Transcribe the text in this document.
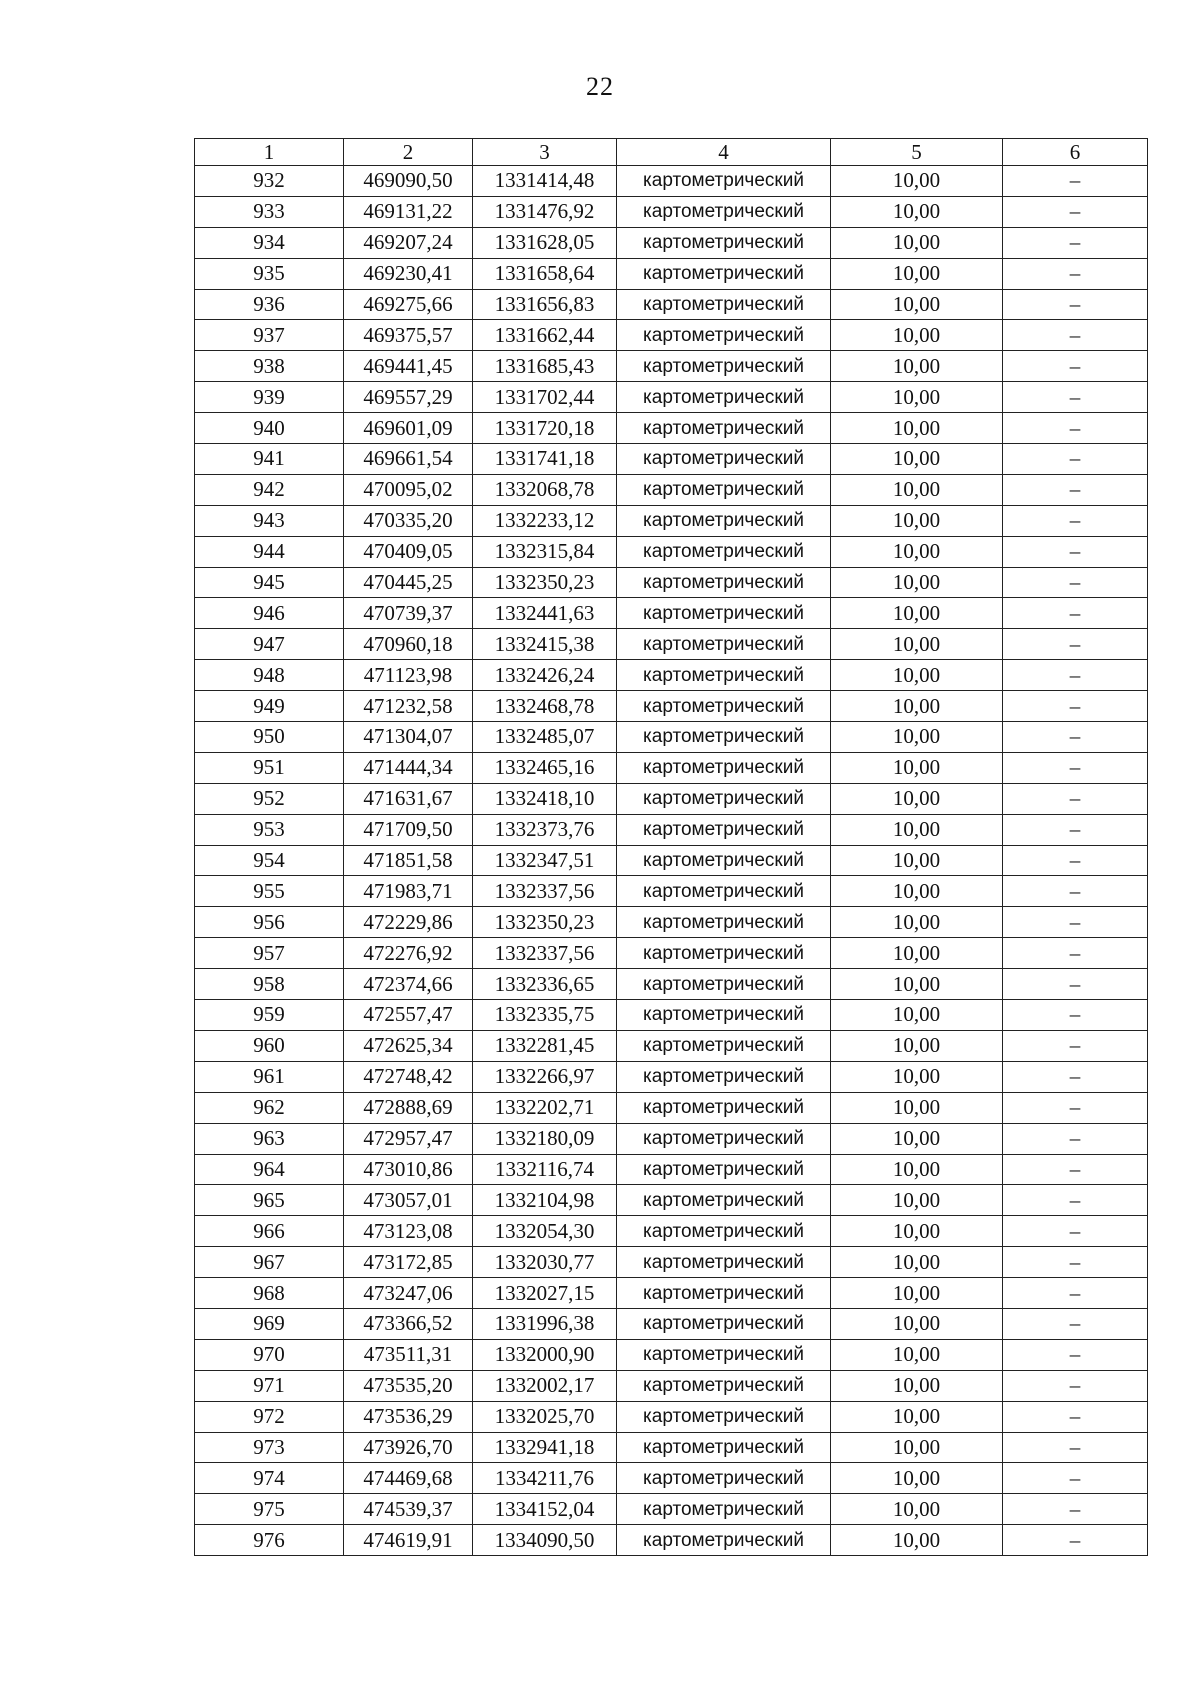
22
1	2	3	4	5	6
932	469090,50	1331414,48	картометрический	10,00	–
933	469131,22	1331476,92	картометрический	10,00	–
934	469207,24	1331628,05	картометрический	10,00	–
935	469230,41	1331658,64	картометрический	10,00	–
936	469275,66	1331656,83	картометрический	10,00	–
937	469375,57	1331662,44	картометрический	10,00	–
938	469441,45	1331685,43	картометрический	10,00	–
939	469557,29	1331702,44	картометрический	10,00	–
940	469601,09	1331720,18	картометрический	10,00	–
941	469661,54	1331741,18	картометрический	10,00	–
942	470095,02	1332068,78	картометрический	10,00	–
943	470335,20	1332233,12	картометрический	10,00	–
944	470409,05	1332315,84	картометрический	10,00	–
945	470445,25	1332350,23	картометрический	10,00	–
946	470739,37	1332441,63	картометрический	10,00	–
947	470960,18	1332415,38	картометрический	10,00	–
948	471123,98	1332426,24	картометрический	10,00	–
949	471232,58	1332468,78	картометрический	10,00	–
950	471304,07	1332485,07	картометрический	10,00	–
951	471444,34	1332465,16	картометрический	10,00	–
952	471631,67	1332418,10	картометрический	10,00	–
953	471709,50	1332373,76	картометрический	10,00	–
954	471851,58	1332347,51	картометрический	10,00	–
955	471983,71	1332337,56	картометрический	10,00	–
956	472229,86	1332350,23	картометрический	10,00	–
957	472276,92	1332337,56	картометрический	10,00	–
958	472374,66	1332336,65	картометрический	10,00	–
959	472557,47	1332335,75	картометрический	10,00	–
960	472625,34	1332281,45	картометрический	10,00	–
961	472748,42	1332266,97	картометрический	10,00	–
962	472888,69	1332202,71	картометрический	10,00	–
963	472957,47	1332180,09	картометрический	10,00	–
964	473010,86	1332116,74	картометрический	10,00	–
965	473057,01	1332104,98	картометрический	10,00	–
966	473123,08	1332054,30	картометрический	10,00	–
967	473172,85	1332030,77	картометрический	10,00	–
968	473247,06	1332027,15	картометрический	10,00	–
969	473366,52	1331996,38	картометрический	10,00	–
970	473511,31	1332000,90	картометрический	10,00	–
971	473535,20	1332002,17	картометрический	10,00	–
972	473536,29	1332025,70	картометрический	10,00	–
973	473926,70	1332941,18	картометрический	10,00	–
974	474469,68	1334211,76	картометрический	10,00	–
975	474539,37	1334152,04	картометрический	10,00	–
976	474619,91	1334090,50	картометрический	10,00	–
